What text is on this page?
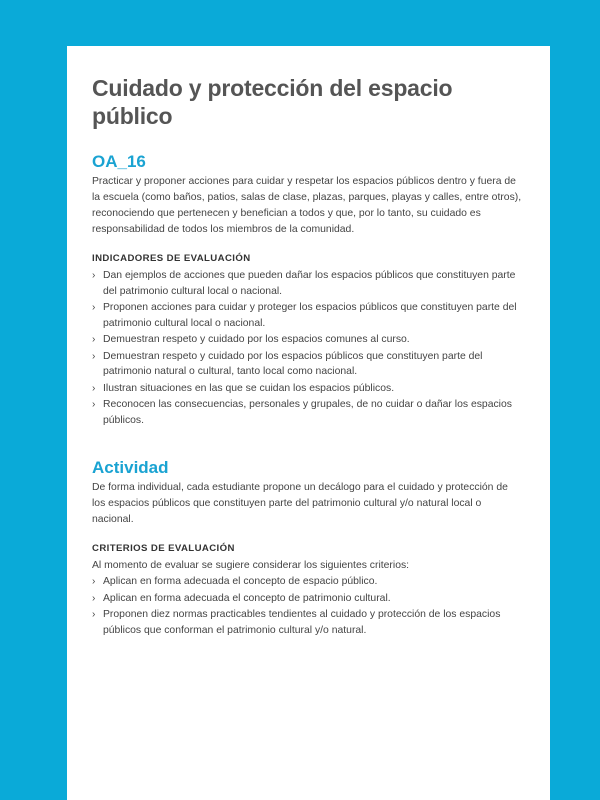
Cuidado y protección del espacio público
OA_16

Practicar y proponer acciones para cuidar y respetar los espacios públicos dentro y fuera de la escuela (como baños, patios, salas de clase, plazas, parques, playas y calles, entre otros), reconociendo que pertenecen y benefician a todos y que, por lo tanto, su cuidado es responsabilidad de todos los miembros de la comunidad.

INDICADORES DE EVALUACIÓN
› Dan ejemplos de acciones que pueden dañar los espacios públicos que constituyen parte del patrimonio cultural local o nacional.
› Proponen acciones para cuidar y proteger los espacios públicos que constituyen parte del patrimonio cultural local o nacional.
› Demuestran respeto y cuidado por los espacios comunes al curso.
› Demuestran respeto y cuidado por los espacios públicos que constituyen parte del patrimonio natural o cultural, tanto local como nacional.
› Ilustran situaciones en las que se cuidan los espacios públicos.
› Reconocen las consecuencias, personales y grupales, de no cuidar o dañar los espacios públicos.
Actividad

De forma individual, cada estudiante propone un decálogo para el cuidado y protección de los espacios públicos que constituyen parte del patrimonio cultural y/o natural local o nacional.

CRITERIOS DE EVALUACIÓN

Al momento de evaluar se sugiere considerar los siguientes criterios:

› Aplican en forma adecuada el concepto de espacio público.
› Aplican en forma adecuada el concepto de patrimonio cultural.
› Proponen diez normas practicables tendientes al cuidado y protección de los espacios públicos que conforman el patrimonio cultural y/o natural.
